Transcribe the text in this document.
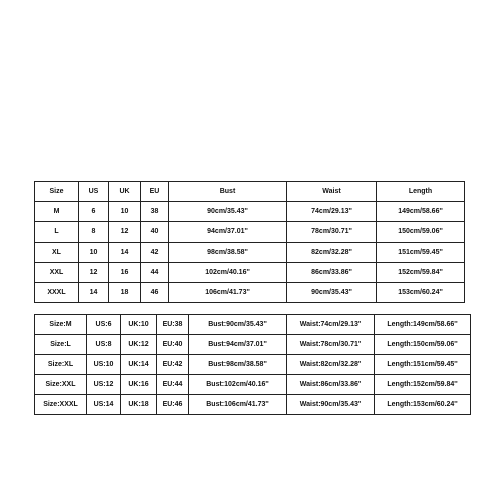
Size	US	UK	EU	Bust	Waist	Length
M	6	10	38	90cm/35.43''	74cm/29.13''	149cm/58.66''
L	8	12	40	94cm/37.01''	78cm/30.71''	150cm/59.06''
XL	10	14	42	98cm/38.58''	82cm/32.28''	151cm/59.45''
XXL	12	16	44	102cm/40.16''	86cm/33.86''	152cm/59.84''
XXXL	14	18	46	106cm/41.73''	90cm/35.43''	153cm/60.24''
Size:M	US:6	UK:10	EU:38	Bust:90cm/35.43''	Waist:74cm/29.13''	Length:149cm/58.66''
Size:L	US:8	UK:12	EU:40	Bust:94cm/37.01''	Waist:78cm/30.71''	Length:150cm/59.06''
Size:XL	US:10	UK:14	EU:42	Bust:98cm/38.58''	Waist:82cm/32.28''	Length:151cm/59.45''
Size:XXL	US:12	UK:16	EU:44	Bust:102cm/40.16''	Waist:86cm/33.86''	Length:152cm/59.84''
Size:XXXL	US:14	UK:18	EU:46	Bust:106cm/41.73''	Waist:90cm/35.43''	Length:153cm/60.24''
